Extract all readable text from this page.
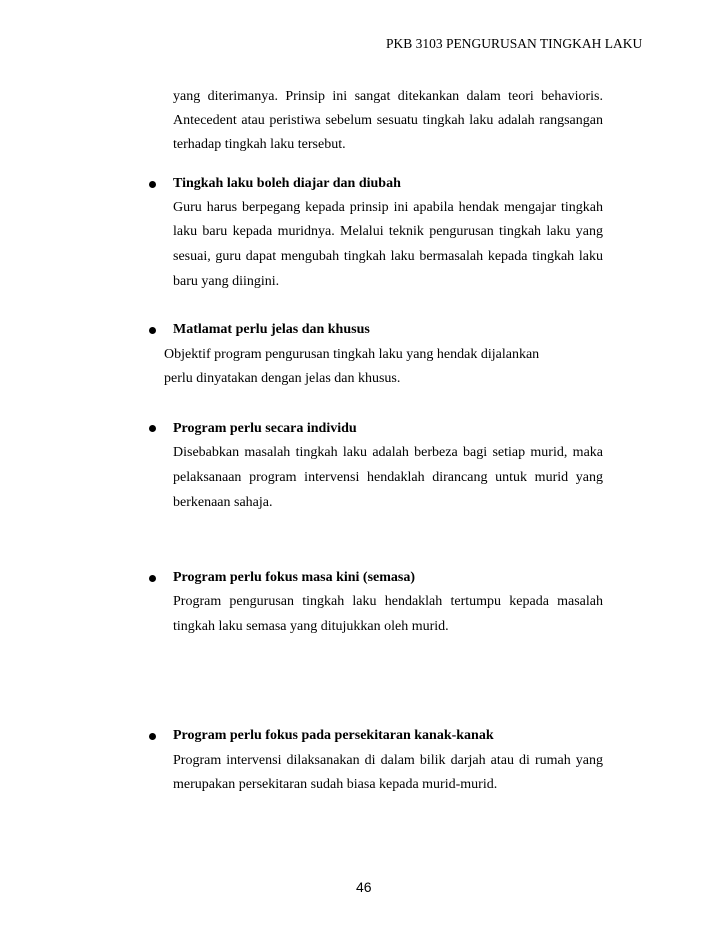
PKB 3103 PENGURUSAN TINGKAH LAKU
yang diterimanya. Prinsip ini sangat ditekankan dalam teori behavioris.
Antecedent atau peristiwa sebelum sesuatu tingkah laku adalah rangsangan
terhadap tingkah laku tersebut.
Tingkah laku boleh diajar dan diubah
Guru harus berpegang kepada prinsip ini apabila hendak mengajar tingkah
laku baru kepada muridnya. Melalui teknik pengurusan tingkah laku yang
sesuai, guru dapat mengubah tingkah laku bermasalah kepada tingkah laku
baru yang diingini.
Matlamat perlu jelas dan khusus
Objektif program pengurusan tingkah laku yang hendak dijalankan
perlu dinyatakan dengan jelas dan khusus.
Program perlu secara individu
Disebabkan masalah tingkah laku adalah berbeza bagi setiap murid, maka
pelaksanaan program intervensi hendaklah dirancang untuk murid yang
berkenaan sahaja.
Program perlu fokus masa kini (semasa)
Program pengurusan tingkah laku hendaklah tertumpu kepada masalah
tingkah laku semasa yang ditujukkan oleh murid.
Program perlu fokus pada persekitaran kanak-kanak
Program intervensi dilaksanakan di dalam bilik darjah atau di rumah yang
merupakan persekitaran sudah biasa kepada murid-murid.
46
